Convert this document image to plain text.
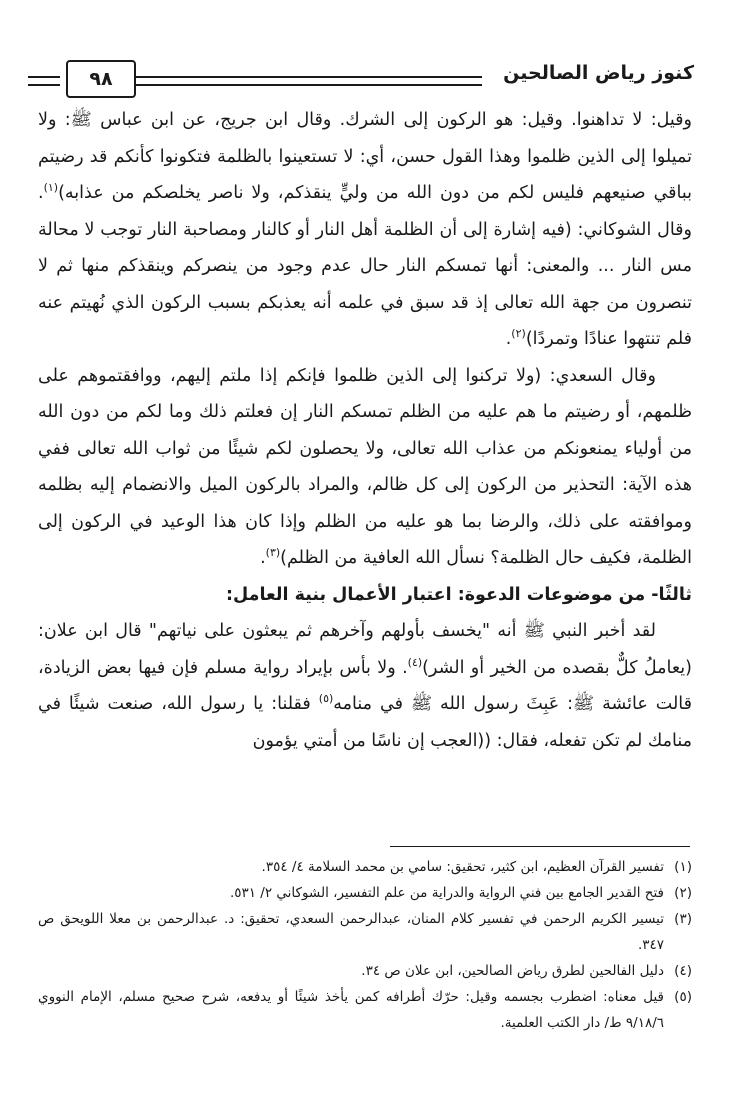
٩٨	كنوز رياض الصالحين

وقيل: لا تداهنوا. وقيل: هو الركون إلى الشرك. وقال ابن جريج، عن ابن عباس ﷺ: ولا تميلوا إلى الذين ظلموا وهذا القول حسن، أي: لا تستعينوا بالظلمة فتكونوا كأنكم قد رضيتم بباقي صنيعهم فليس لكم من دون الله من وليٍّ ينقذكم، ولا ناصر يخلصكم من عذابه)$^{(١)}$. وقال الشوكاني: (فيه إشارة إلى أن الظلمة أهل النار أو كالنار ومصاحبة النار توجب لا محالة مس النار ... والمعنى: أنها تمسكم النار حال عدم وجود من ينصركم وينقذكم منها ثم لا تنصرون من جهة الله تعالى إذ قد سبق في علمه أنه يعذبكم بسبب الركون الذي نُهيتم عنه فلم تنتهوا عنادًا وتمردًا)$^{(٢)}$.

وقال السعدي: (ولا تركنوا إلى الذين ظلموا فإنكم إذا ملتم إليهم، ووافقتموهم على ظلمهم، أو رضيتم ما هم عليه من الظلم تمسكم النار إن فعلتم ذلك وما لكم من دون الله من أولياء يمنعونكم من عذاب الله تعالى، ولا يحصلون لكم شيئًا من ثواب الله تعالى ففي هذه الآية: التحذير من الركون إلى كل ظالم، والمراد بالركون الميل والانضمام إليه بظلمه وموافقته على ذلك، والرضا بما هو عليه من الظلم وإذا كان هذا الوعيد في الركون إلى الظلمة، فكيف حال الظلمة؟ نسأل الله العافية من الظلم)$^{(٣)}$.

ثالثًا- من موضوعات الدعوة: اعتبار الأعمال بنية العامل:

لقد أخبر النبي ﷺ أنه "يخسف بأولهم وآخرهم ثم يبعثون على نياتهم" قال ابن علان: (يعاملُ كلٌّ بقصده من الخير أو الشر)$^{(٤)}$. ولا بأس بإيراد رواية مسلم فإن فيها بعض الزيادة، قالت عائشة ﷺ: عَبِثَ رسول الله ﷺ في منامه$^{(٥)}$ فقلنا: يا رسول الله، صنعت شيئًا في منامك لم تكن تفعله، فقال: ((العجب إن ناسًا من أمتي يؤمون

(١)
تفسير القرآن العظيم، ابن كثير، تحقيق: سامي بن محمد السلامة ٤/ ٣٥٤.

(٢)
فتح القدير الجامع بين فني الرواية والدراية من علم التفسير، الشوكاني ٢/ ٥٣١.

(٣)
تيسير الكريم الرحمن في تفسير كلام المنان، عبدالرحمن السعدي، تحقيق: د. عبدالرحمن بن معلا اللويحق ص ٣٤٧.

(٤)
دليل الفالحين لطرق رياض الصالحين، ابن علان ص ٣٤.

(٥)
قيل معناه: اضطرب بجسمه وقيل: حرّك أطرافه كمن يأخذ شيئًا أو يدفعه، شرح صحيح مسلم، الإمام النووي ٩/١٨/٦ ط/ دار الكتب العلمية.
